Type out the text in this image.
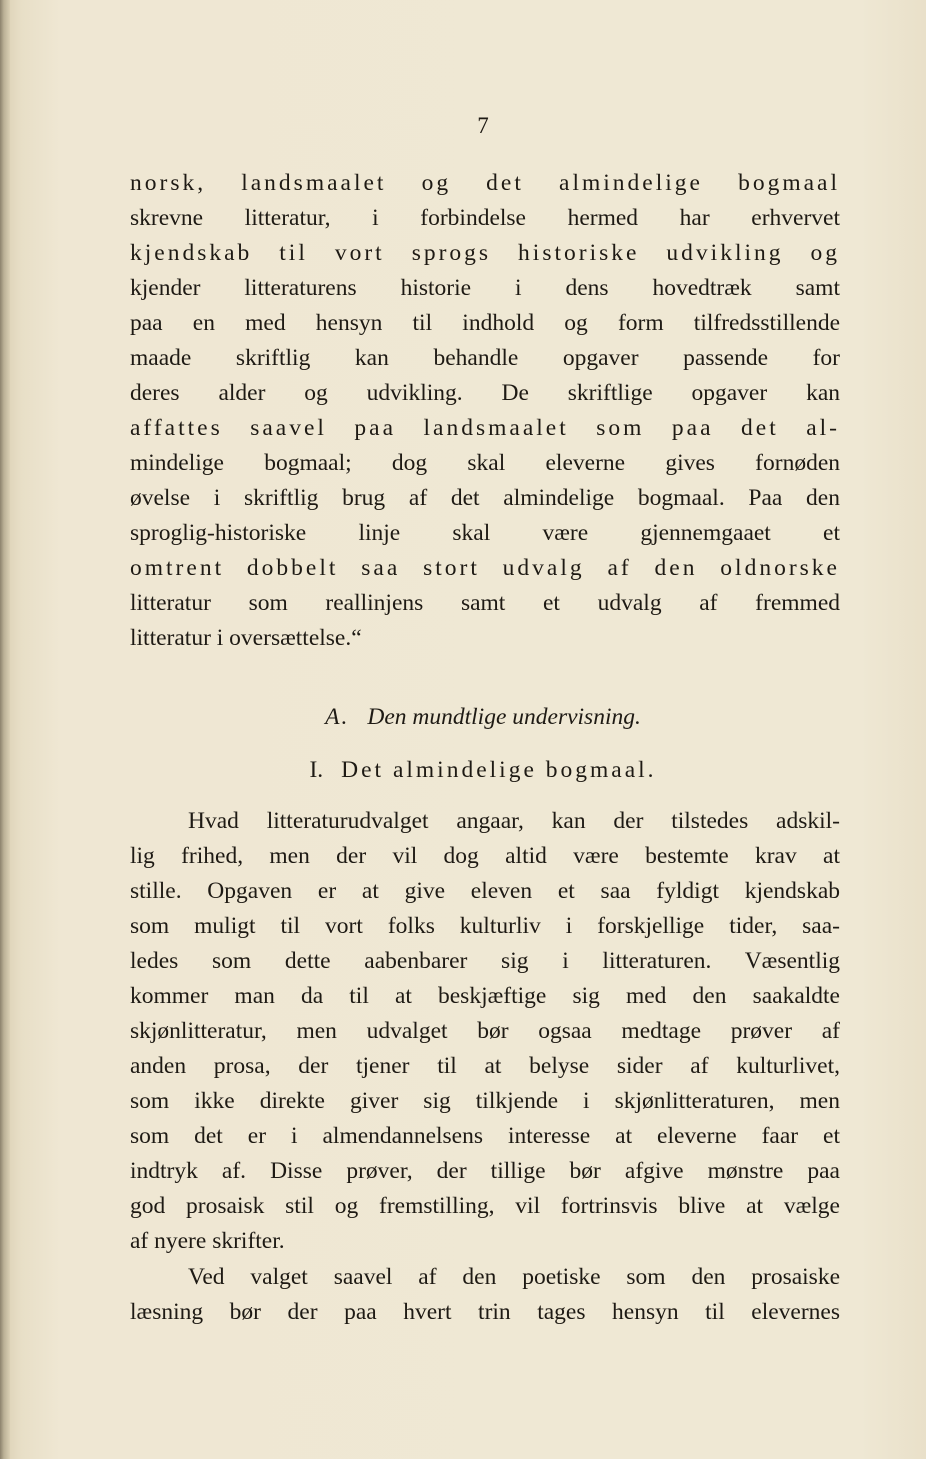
7
norsk, landsmaalet og det almindelige bogmaal
skrevne litteratur, i forbindelse hermed har erhvervet
kjendskab til vort sprogs historiske udvikling og
kjender litteraturens historie i dens hovedtræk samt
paa en med hensyn til indhold og form tilfredsstillende
maade skriftlig kan behandle opgaver passende for
deres alder og udvikling. De skriftlige opgaver kan
affattes saavel paa landsmaalet som paa det al-
mindelige bogmaal; dog skal eleverne gives fornøden
øvelse i skriftlig brug af det almindelige bogmaal. Paa den
sproglig-historiske linje skal være gjennemgaaet et
omtrent dobbelt saa stort udvalg af den oldnorske
litteratur som reallinjens samt et udvalg af fremmed
litteratur i oversættelse.“
A. Den mundtlige undervisning.
I. Det almindelige bogmaal.
Hvad litteraturudvalget angaar, kan der tilstedes adskil-
lig frihed, men der vil dog altid være bestemte krav at
stille. Opgaven er at give eleven et saa fyldigt kjendskab
som muligt til vort folks kulturliv i forskjellige tider, saa-
ledes som dette aabenbarer sig i litteraturen. Væsentlig
kommer man da til at beskjæftige sig med den saakaldte
skjønlitteratur, men udvalget bør ogsaa medtage prøver af
anden prosa, der tjener til at belyse sider af kulturlivet,
som ikke direkte giver sig tilkjende i skjønlitteraturen, men
som det er i almendannelsens interesse at eleverne faar et
indtryk af. Disse prøver, der tillige bør afgive mønstre paa
god prosaisk stil og fremstilling, vil fortrinsvis blive at vælge
af nyere skrifter.
Ved valget saavel af den poetiske som den prosaiske
læsning bør der paa hvert trin tages hensyn til elevernes
